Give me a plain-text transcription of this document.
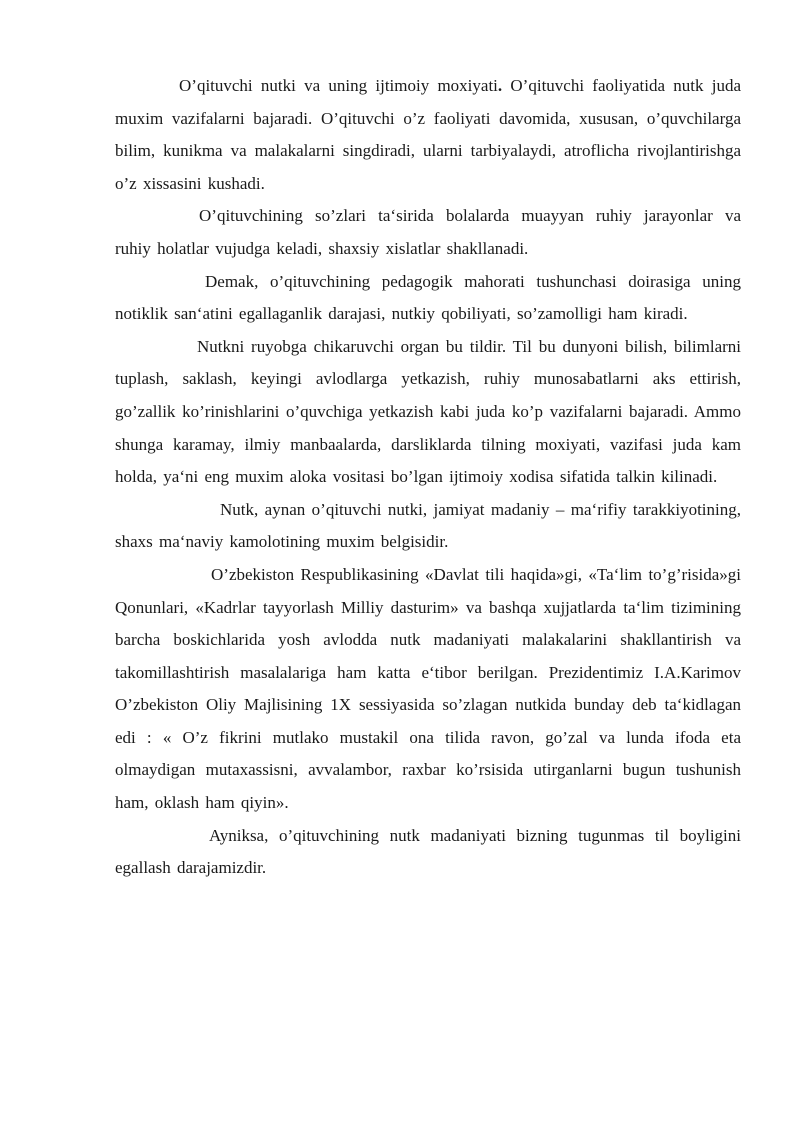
O’qituvchi nutki va uning ijtimoiy moxiyati. O’qituvchi faoliyatida nutk juda muxim vazifalarni bajaradi. O’qituvchi o’z faoliyati davomida, xususan, o’quvchilarga bilim, kunikma va malakalarni singdiradi, ularni tarbiyalaydi, atroflicha rivojlantirishga o’z xissasini kushadi.

O’qituvchining so’zlari ta‘sirida bolalarda muayyan ruhiy jarayonlar va ruhiy holatlar vujudga keladi, shaxsiy xislatlar shakllanadi.

Demak, o’qituvchining pedagogik mahorati tushunchasi doirasiga uning notiklik san‘atini egallaganlik darajasi, nutkiy qobiliyati, so’zamolligi ham kiradi.

Nutkni ruyobga chikaruvchi organ bu tildir. Til bu dunyoni bilish, bilimlarni tuplash, saklash, keyingi avlodlarga yetkazish, ruhiy munosabatlarni aks ettirish, go’zallik ko’rinishlarini o’quvchiga yetkazish kabi juda ko’p vazifalarni bajaradi. Ammo shunga karamay, ilmiy manbaalarda, darsliklarda tilning moxiyati, vazifasi juda kam holda, ya‘ni eng muxim aloka vositasi bo’lgan ijtimoiy xodisa sifatida talkin kilinadi.

Nutk, aynan o’qituvchi nutki, jamiyat madaniy – ma‘rifiy tarakkiyotining, shaxs ma‘naviy kamolotining muxim belgisidir.

O’zbekiston Respublikasining «Davlat tili haqida»gi, «Ta‘lim to’g’risida»gi Qonunlari, «Kadrlar tayyorlash Milliy dasturim» va bashqa xujjatlarda ta‘lim tizimining barcha boskichlarida yosh avlodda nutk madaniyati malakalarini shakllantirish va takomillashtirish masalalariga ham katta e‘tibor berilgan. Prezidentimiz I.A.Karimov O’zbekiston Oliy Majlisining 1X sessiyasida so’zlagan nutkida bunday deb ta‘kidlagan edi : « O’z fikrini mutlako mustakil ona tilida ravon, go’zal va lunda ifoda eta olmaydigan mutaxassisni, avvalambor, raxbar ko’rsisida utirganlarni bugun tushunish ham, oklash ham qiyin».

Ayniksa, o’qituvchining nutk madaniyati bizning tugunmas til boyligini egallash darajamizdir.
